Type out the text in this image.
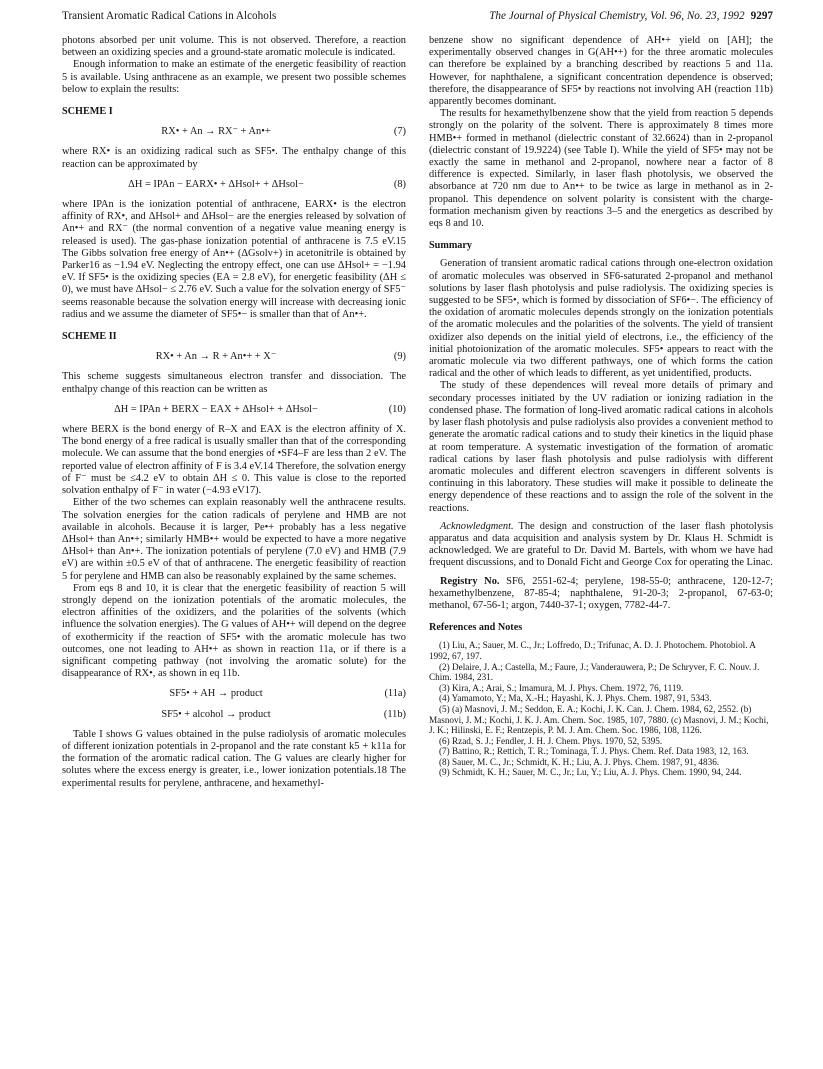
Transient Aromatic Radical Cations in Alcohols	The Journal of Physical Chemistry, Vol. 96, No. 23, 1992 9297

photons absorbed per unit volume. This is not observed. Therefore, a reaction between an oxidizing species and a ground-state aromatic molecule is indicated.

Enough information to make an estimate of the energetic feasibility of reaction 5 is available. Using anthracene as an example, we present two possible schemes below to explain the results:

SCHEME I
RX• + An → RX⁻ + An•+	(7)

where RX• is an oxidizing radical such as SF5•. The enthalpy change of this reaction can be approximated by

ΔH = IPAn − EARX• + ΔHsol+ + ΔHsol−	(8)

where IPAn is the ionization potential of anthracene, EARX• is the electron affinity of RX•, and ΔHsol+ and ΔHsol− are the energies released by solvation of An•+ and RX⁻ (the normal convention of a negative value meaning energy is released is used). The gas-phase ionization potential of anthracene is 7.5 eV.15 The Gibbs solvation free energy of An•+ (ΔGsolv+) in acetonitrile is obtained by Parker16 as −1.94 eV. Neglecting the entropy effect, one can use ΔHsol+ = −1.94 eV. If SF5• is the oxidizing species (EA = 2.8 eV), for energetic feasibility (ΔH ≤ 0), we must have ΔHsol− ≤ 2.76 eV. Such a value for the solvation energy of SF5⁻ seems reasonable because the solvation energy will increase with decreasing ionic radius and we assume the diameter of SF5•− is smaller than that of An•+.

SCHEME II
RX• + An → R + An•+ + X⁻	(9)

This scheme suggests simultaneous electron transfer and dissociation. The enthalpy change of this reaction can be written as

ΔH = IPAn + BERX − EAX + ΔHsol+ + ΔHsol−	(10)

where BERX is the bond energy of R–X and EAX is the electron affinity of X. The bond energy of a free radical is usually smaller than that of the corresponding molecule. We can assume that the bond energies of •SF4–F are less than 2 eV. The reported value of electron affinity of F is 3.4 eV.14 Therefore, the solvation energy of F⁻ must be ≤4.2 eV to obtain ΔH ≤ 0. This value is close to the reported solvation enthalpy of F⁻ in water (−4.93 eV17).

Either of the two schemes can explain reasonably well the anthracene results. The solvation energies for the cation radicals of perylene and HMB are not available in alcohols. Because it is larger, Pe•+ probably has a less negative ΔHsol+ than An•+; similarly HMB•+ would be expected to have a more negative ΔHsol+ than An•+. The ionization potentials of perylene (7.0 eV) and HMB (7.9 eV) are within ±0.5 eV of that of anthracene. The energetic feasibility of reaction 5 for perylene and HMB can also be reasonably explained by the same schemes.

From eqs 8 and 10, it is clear that the energetic feasibility of reaction 5 will strongly depend on the ionization potentials of the aromatic molecules, the electron affinities of the oxidizers, and the polarities of the solvents (which influence the solvation energies). The G values of AH•+ will depend on the degree of exothermicity if the reaction of SF5• with the aromatic molecule has two outcomes, one not leading to AH•+ as shown in reaction 11a, or if there is a significant competing pathway (not involving the aromatic solute) for the disappearance of RX•, as shown in eq 11b.

SF5• + AH → product	(11a)
SF5• + alcohol → product	(11b)

Table I shows G values obtained in the pulse radiolysis of aromatic molecules of different ionization potentials in 2-propanol and the rate constant k5 + k11a for the formation of the aromatic radical cation. The G values are clearly higher for solutes where the excess energy is greater, i.e., lower ionization potentials.18 The experimental results for perylene, anthracene, and hexamethyl-

benzene show no significant dependence of AH•+ yield on [AH]; the experimentally observed changes in G(AH•+) for the three aromatic molecules can therefore be explained by a branching described by reactions 5 and 11a. However, for naphthalene, a significant concentration dependence is observed; therefore, the disappearance of SF5• by reactions not involving AH (reaction 11b) apparently becomes dominant.

The results for hexamethylbenzene show that the yield from reaction 5 depends strongly on the polarity of the solvent. There is approximately 8 times more HMB•+ formed in methanol (dielectric constant of 32.6624) than in 2-propanol (dielectric constant of 19.9224) (see Table I). While the yield of SF5• may not be exactly the same in methanol and 2-propanol, nowhere near a factor of 8 difference is expected. Similarly, in laser flash photolysis, we observed the absorbance at 720 nm due to An•+ to be twice as large in methanol as in 2-propanol. This dependence on solvent polarity is consistent with the charge-formation mechanism given by reactions 3–5 and the energetics as described by eqs 8 and 10.

Summary

Generation of transient aromatic radical cations through one-electron oxidation of aromatic molecules was observed in SF6-saturated 2-propanol and methanol solutions by laser flash photolysis and pulse radiolysis. The oxidizing species is suggested to be SF5•, which is formed by dissociation of SF6•−. The efficiency of the oxidation of aromatic molecules depends strongly on the ionization potentials of the aromatic molecules and the polarities of the solvents. The yield of transient oxidizer also depends on the initial yield of electrons, i.e., the efficiency of the initial photoionization of the aromatic molecules. SF5• appears to react with the aromatic molecule via two different pathways, one of which forms the cation radical and the other of which leads to different, as yet unidentified, products.

The study of these dependences will reveal more details of primary and secondary processes initiated by the UV radiation or ionizing radiation in the condensed phase. The formation of long-lived aromatic radical cations in alcohols by laser flash photolysis and pulse radiolysis also provides a convenient method to generate the aromatic radical cations and to study their kinetics in the liquid phase at room temperature. A systematic investigation of the formation of aromatic radical cations by laser flash photolysis and pulse radiolysis with different aromatic molecules and different electron scavengers in different solvents is continuing in this laboratory. These studies will make it possible to delineate the energy dependence of these reactions and to assign the role of the solvent in the reactions.

Acknowledgment. The design and construction of the laser flash photolysis apparatus and data acquisition and analysis system by Dr. Klaus H. Schmidt is acknowledged. We are grateful to Dr. David M. Bartels, with whom we have had frequent discussions, and to Donald Ficht and George Cox for operating the Linac.

Registry No. SF6, 2551-62-4; perylene, 198-55-0; anthracene, 120-12-7; hexamethylbenzene, 87-85-4; naphthalene, 91-20-3; 2-propanol, 67-63-0; methanol, 67-56-1; argon, 7440-37-1; oxygen, 7782-44-7.

References and Notes

(1) Liu, A.; Sauer, M. C., Jr.; Loffredo, D.; Trifunac, A. D. J. Photochem. Photobiol. A 1992, 67, 197.

(2) Delaire, J. A.; Castella, M.; Faure, J.; Vanderauwera, P.; De Schryver, F. C. Nouv. J. Chim. 1984, 231.

(3) Kira, A.; Arai, S.; Imamura, M. J. Phys. Chem. 1972, 76, 1119.

(4) Yamamoto, Y.; Ma, X.-H.; Hayashi, K. J. Phys. Chem. 1987, 91, 5343.

(5) (a) Masnovi, J. M.; Seddon, E. A.; Kochi, J. K. Can. J. Chem. 1984, 62, 2552. (b) Masnovi, J. M.; Kochi, J. K. J. Am. Chem. Soc. 1985, 107, 7880. (c) Masnovi, J. M.; Kochi, J. K.; Hilinski, E. F.; Rentzepis, P. M. J. Am. Chem. Soc. 1986, 108, 1126.

(6) Rzad, S. J.; Fendler, J. H. J. Chem. Phys. 1970, 52, 5395.

(7) Battino, R.; Rettich, T. R.; Tominaga, T. J. Phys. Chem. Ref. Data 1983, 12, 163.

(8) Sauer, M. C., Jr.; Schmidt, K. H.; Liu, A. J. Phys. Chem. 1987, 91, 4836.

(9) Schmidt, K. H.; Sauer, M. C., Jr.; Lu, Y.; Liu, A. J. Phys. Chem. 1990, 94, 244.
